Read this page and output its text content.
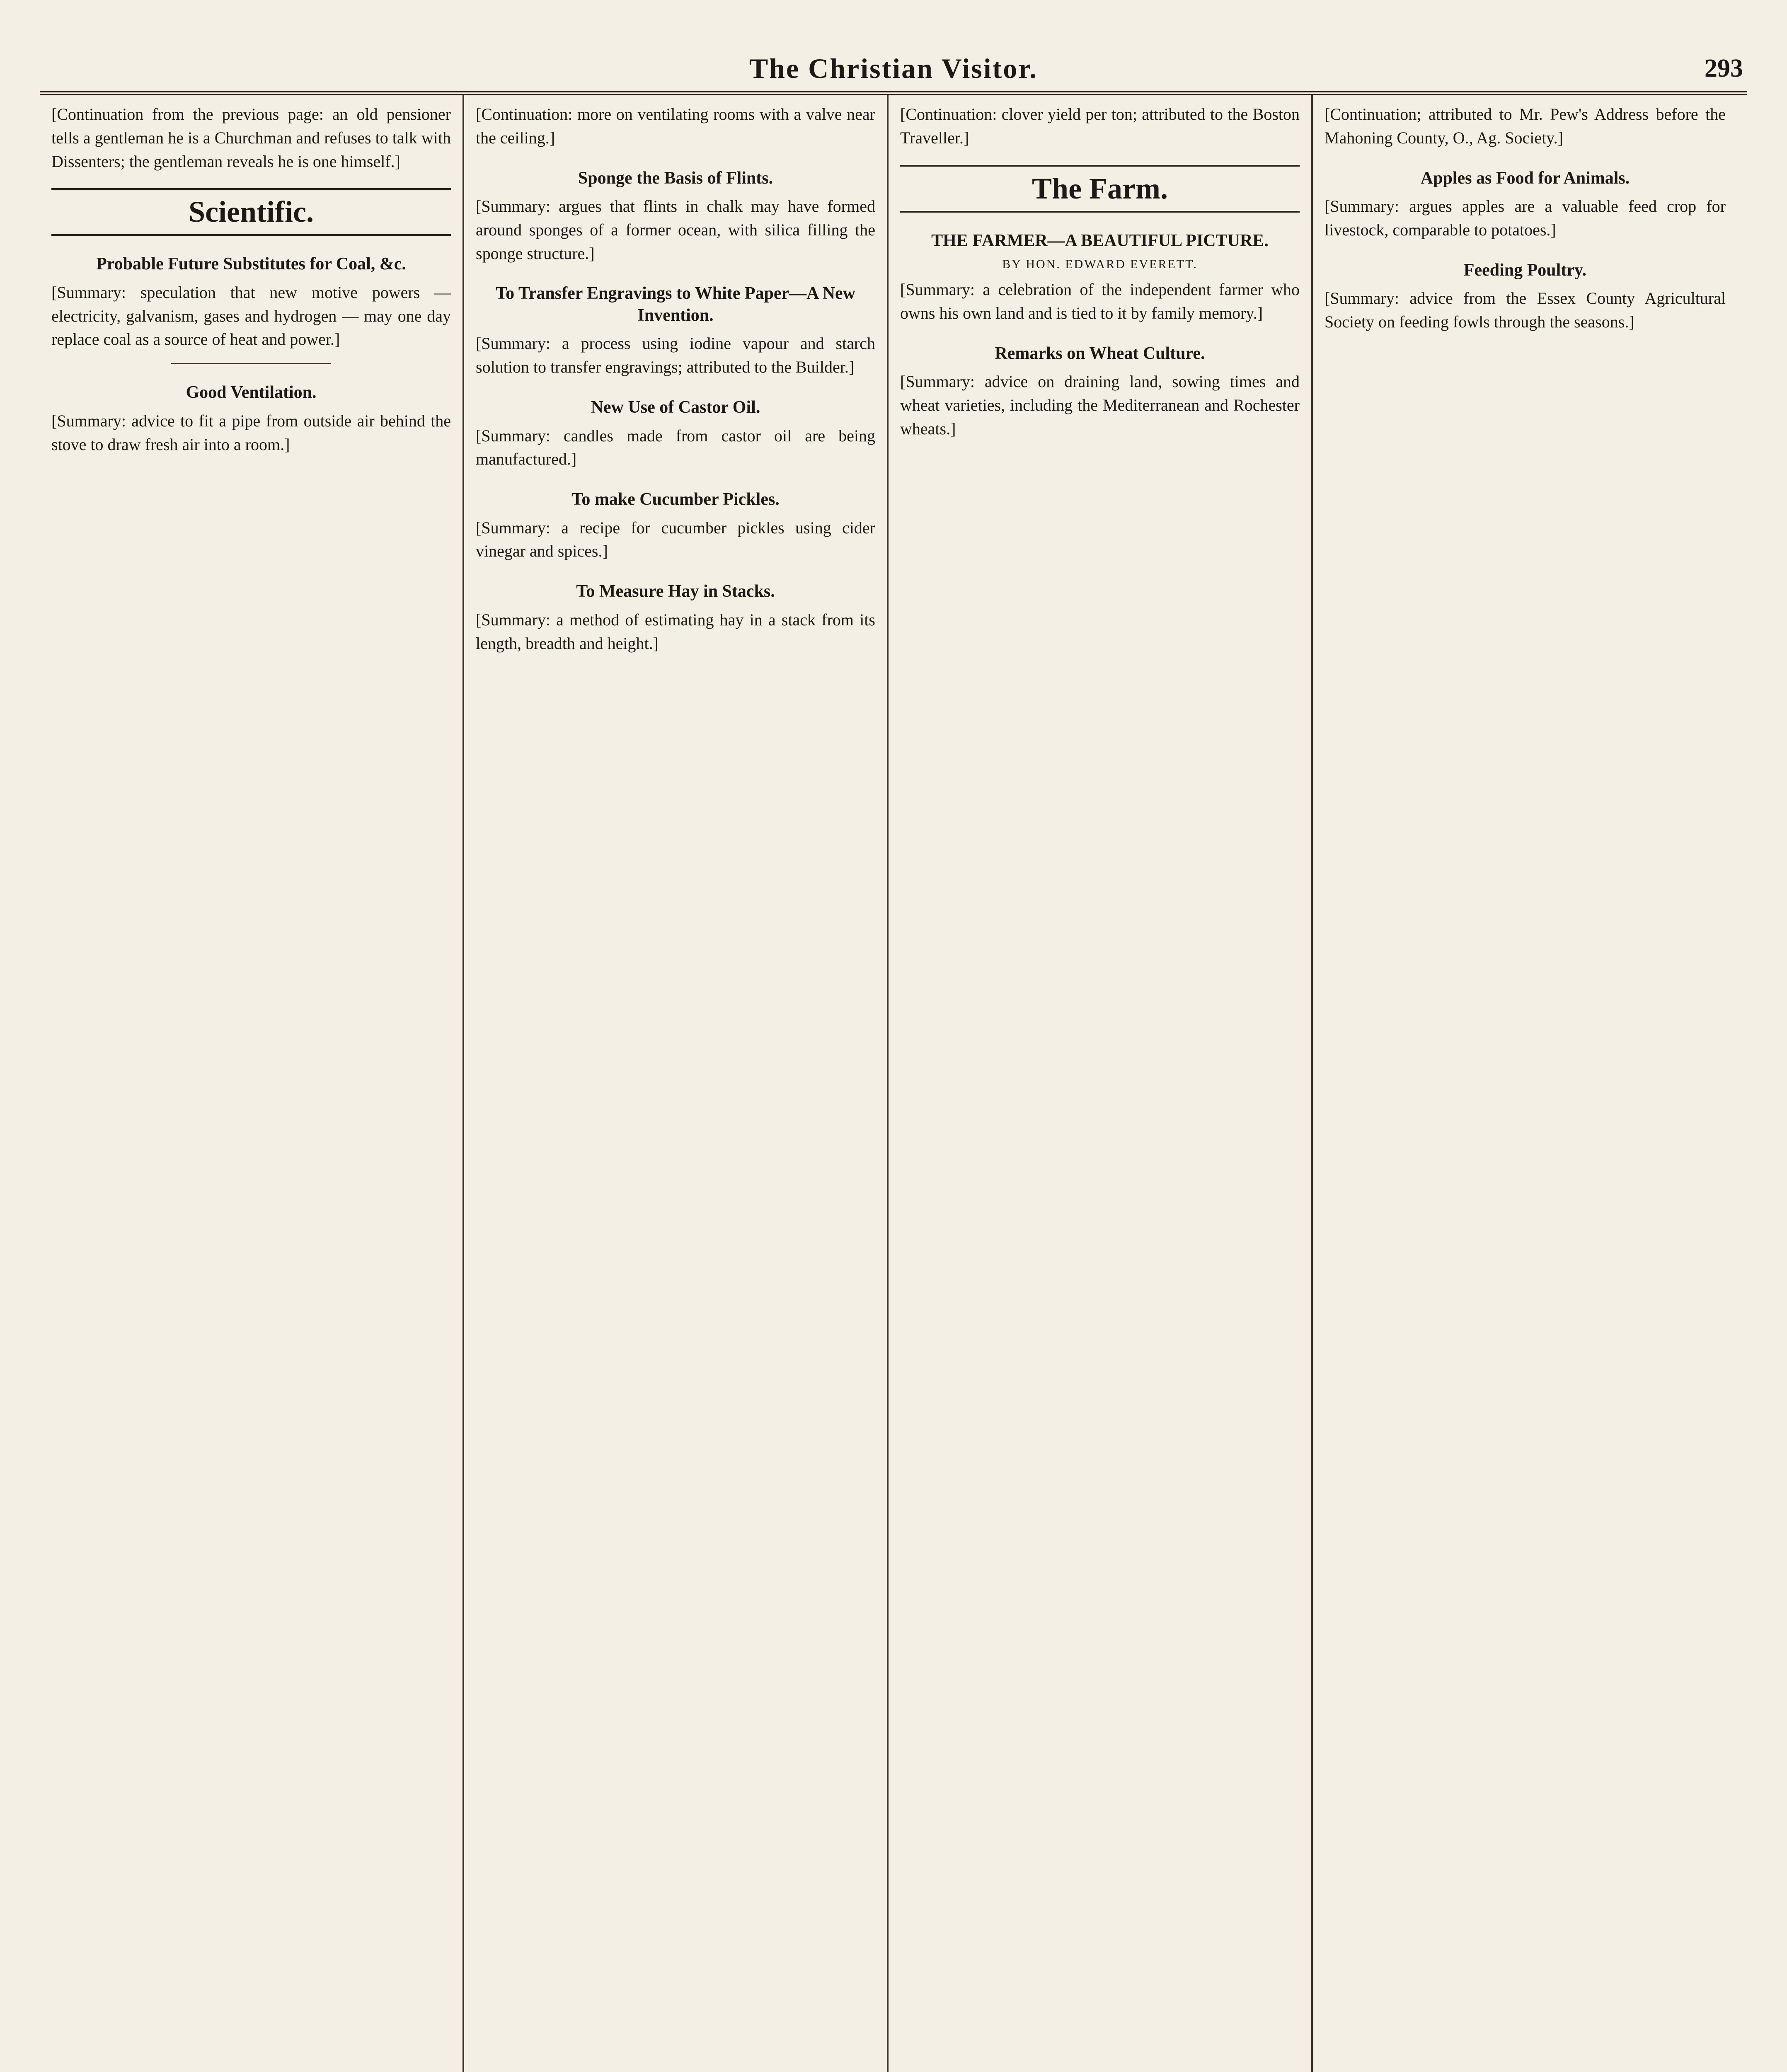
The Christian Visitor.	293

[Continuation from the previous page: an old pensioner tells a gentleman he is a Churchman and refuses to talk with Dissenters; the gentleman reveals he is one himself.]

Scientific.
Probable Future Substitutes for Coal, &c.

[Summary: speculation that new motive powers — electricity, galvanism, gases and hydrogen — may one day replace coal as a source of heat and power.]

Good Ventilation.

[Summary: advice to fit a pipe from outside air behind the stove to draw fresh air into a room.]

[Continuation: more on ventilating rooms with a valve near the ceiling.]

Sponge the Basis of Flints.

[Summary: argues that flints in chalk may have formed around sponges of a former ocean, with silica filling the sponge structure.]

To Transfer Engravings to White Paper—A New Invention.

[Summary: a process using iodine vapour and starch solution to transfer engravings; attributed to the Builder.]

New Use of Castor Oil.

[Summary: candles made from castor oil are being manufactured.]

To make Cucumber Pickles.

[Summary: a recipe for cucumber pickles using cider vinegar and spices.]

To Measure Hay in Stacks.

[Summary: a method of estimating hay in a stack from its length, breadth and height.]

[Continuation: clover yield per ton; attributed to the Boston Traveller.]

The Farm.
THE FARMER—A BEAUTIFUL PICTURE.
BY HON. EDWARD EVERETT.

[Summary: a celebration of the independent farmer who owns his own land and is tied to it by family memory.]

Remarks on Wheat Culture.

[Summary: advice on draining land, sowing times and wheat varieties, including the Mediterranean and Rochester wheats.]

[Continuation; attributed to Mr. Pew's Address before the Mahoning County, O., Ag. Society.]

Apples as Food for Animals.

[Summary: argues apples are a valuable feed crop for livestock, comparable to potatoes.]

Feeding Poultry.

[Summary: advice from the Essex County Agricultural Society on feeding fowls through the seasons.]
